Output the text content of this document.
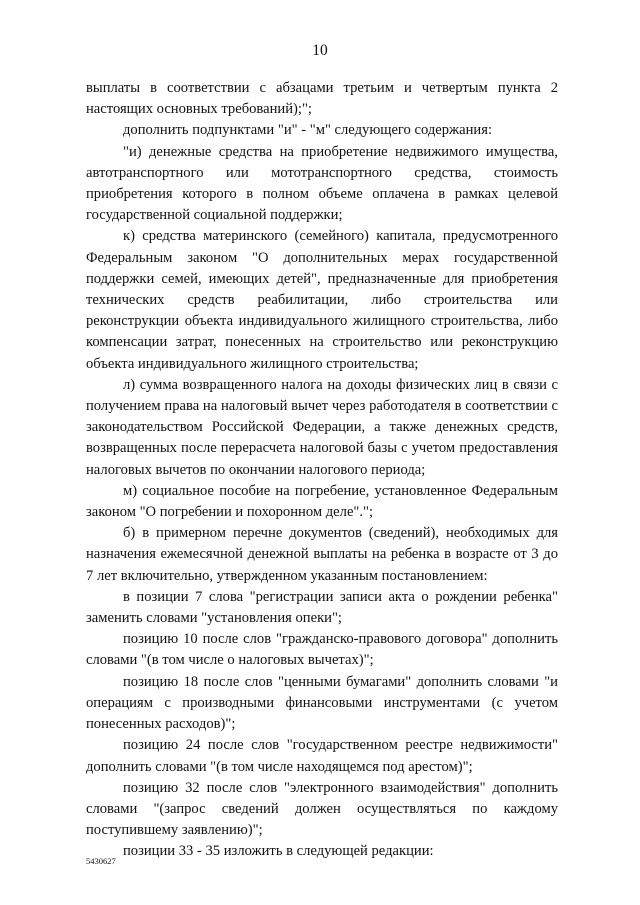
10

выплаты в соответствии с абзацами третьим и четвертым пункта 2 настоящих основных требований);";

дополнить подпунктами "и" - "м" следующего содержания:

"и) денежные средства на приобретение недвижимого имущества, автотранспортного или мототранспортного средства, стоимость приобретения которого в полном объеме оплачена в рамках целевой государственной социальной поддержки;

к) средства материнского (семейного) капитала, предусмотренного Федеральным законом "О дополнительных мерах государственной поддержки семей, имеющих детей", предназначенные для приобретения технических средств реабилитации, либо строительства или реконструкции объекта индивидуального жилищного строительства, либо компенсации затрат, понесенных на строительство или реконструкцию объекта индивидуального жилищного строительства;

л) сумма возвращенного налога на доходы физических лиц в связи с получением права на налоговый вычет через работодателя в соответствии с законодательством Российской Федерации, а также денежных средств, возвращенных после перерасчета налоговой базы с учетом предоставления налоговых вычетов по окончании налогового периода;

м) социальное пособие на погребение, установленное Федеральным законом "О погребении и похоронном деле".";

б) в примерном перечне документов (сведений), необходимых для назначения ежемесячной денежной выплаты на ребенка в возрасте от 3 до 7 лет включительно, утвержденном указанным постановлением:

в позиции 7 слова "регистрации записи акта о рождении ребенка" заменить словами "установления опеки";

позицию 10 после слов "гражданско-правового договора" дополнить словами "(в том числе о налоговых вычетах)";

позицию 18 после слов "ценными бумагами" дополнить словами "и операциям с производными финансовыми инструментами (с учетом понесенных расходов)";

позицию 24 после слов "государственном реестре недвижимости" дополнить словами "(в том числе находящемся под арестом)";

позицию 32 после слов "электронного взаимодействия" дополнить словами "(запрос сведений должен осуществляться по каждому поступившему заявлению)";

позиции 33 - 35 изложить в следующей редакции:

5430627
